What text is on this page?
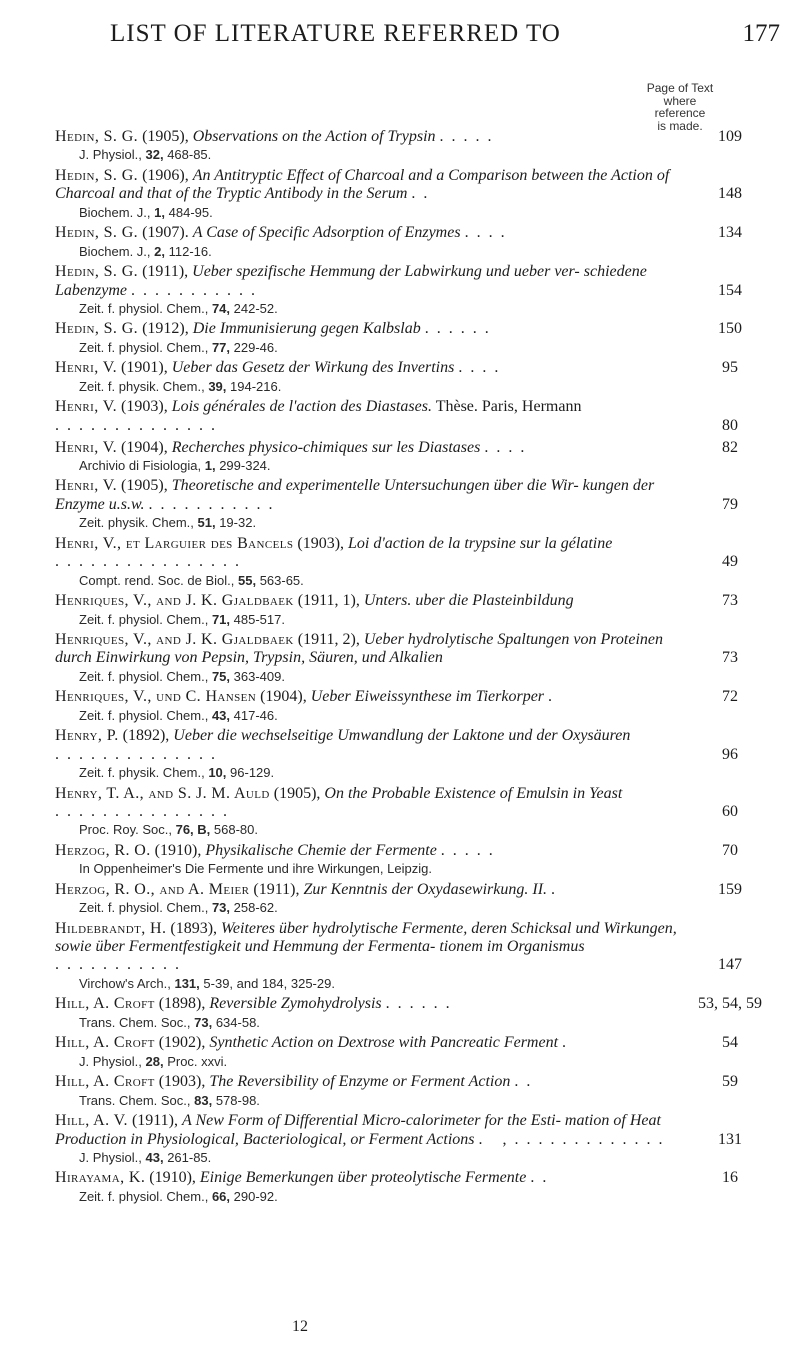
LIST OF LITERATURE REFERRED TO	177
Page of Text
where
reference
is made.
Hedin, S. G. (1905), Observations on the Action of Trypsin .....	109
J. Physiol., 32, 468-85.
Hedin, S. G. (1906), An Antitryptic Effect of Charcoal and a Comparison between the Action of Charcoal and that of the Tryptic Antibody in the Serum ..	148
Biochem. J., 1, 484-95.
Hedin, S. G. (1907). A Case of Specific Adsorption of Enzymes ....	134
Biochem. J., 2, 112-16.
Hedin, S. G. (1911), Ueber spezifische Hemmung der Labwirkung und ueber ver- schiedene Labenzyme ...........	154
Zeit. f. physiol. Chem., 74, 242-52.
Hedin, S. G. (1912), Die Immunisierung gegen Kalbslab ......	150
Zeit. f. physiol. Chem., 77, 229-46.
Henri, V. (1901), Ueber das Gesetz der Wirkung des Invertins ....	95
Zeit. f. physik. Chem., 39, 194-216.
Henri, V. (1903), Lois générales de l'action des Diastases. Thèse. Paris, Hermann ..............	80
Henri, V. (1904), Recherches physico-chimiques sur les Diastases ....	82
Archivio di Fisiologia, 1, 299-324.
Henri, V. (1905), Theoretische and experimentelle Untersuchungen über die Wir- kungen der Enzyme u.s.w. ...........	79
Zeit. physik. Chem., 51, 19-32.
Henri, V., et Larguier des Bancels (1903), Loi d'action de la trypsine sur la gélatine ................	49
Compt. rend. Soc. de Biol., 55, 563-65.
Henriques, V., and J. K. Gjaldbaek (1911, 1), Unters. uber die Plasteinbildung	73
Zeit. f. physiol. Chem., 71, 485-517.
Henriques, V., and J. K. Gjaldbaek (1911, 2), Ueber hydrolytische Spaltungen von Proteinen durch Einwirkung von Pepsin, Trypsin, Säuren, und Alkalien	73
Zeit. f. physiol. Chem., 75, 363-409.
Henriques, V., und C. Hansen (1904), Ueber Eiweissynthese im Tierkorper .	72
Zeit. f. physiol. Chem., 43, 417-46.
Henry, P. (1892), Ueber die wechselseitige Umwandlung der Laktone und der Oxysäuren ..............	96
Zeit. f. physik. Chem., 10, 96-129.
Henry, T. A., and S. J. M. Auld (1905), On the Probable Existence of Emulsin in Yeast ...............	60
Proc. Roy. Soc., 76, B, 568-80.
Herzog, R. O. (1910), Physikalische Chemie der Fermente .....	70
In Oppenheimer's Die Fermente und ihre Wirkungen, Leipzig.
Herzog, R. O., and A. Meier (1911), Zur Kenntnis der Oxydasewirkung. II. .	159
Zeit. f. physiol. Chem., 73, 258-62.
Hildebrandt, H. (1893), Weiteres über hydrolytische Fermente, deren Schicksal und Wirkungen, sowie über Fermentfestigkeit und Hemmung der Fermenta- tionem im Organismus ...........	147
Virchow's Arch., 131, 5-39, and 184, 325-29.
Hill, A. Croft (1898), Reversible Zymohydrolysis ......	53, 54, 59
Trans. Chem. Soc., 73, 634-58.
Hill, A. Croft (1902), Synthetic Action on Dextrose with Pancreatic Ferment .	54
J. Physiol., 28, Proc. xxvi.
Hill, A. Croft (1903), The Reversibility of Enzyme or Ferment Action ..	59
Trans. Chem. Soc., 83, 578-98.
Hill, A. V. (1911), A New Form of Differential Micro-calorimeter for the Esti- mation of Heat Production in Physiological, Bacteriological, or Ferment Actions . ,.............	131
J. Physiol., 43, 261-85.
Hirayama, K. (1910), Einige Bemerkungen über proteolytische Fermente ..	16
Zeit. f. physiol. Chem., 66, 290-92.
12
